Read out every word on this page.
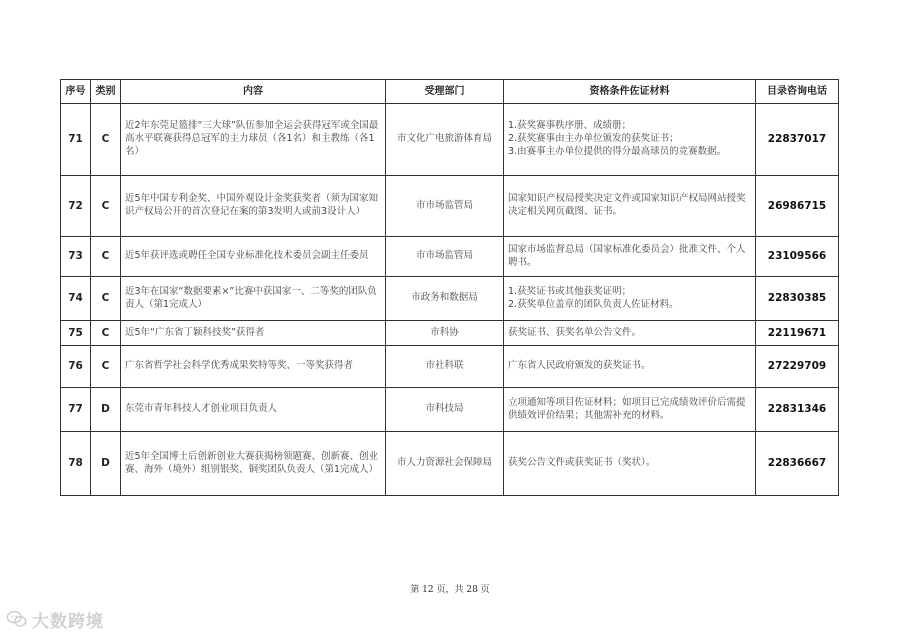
序号	类别	内容	受理部门	资格条件佐证材料	目录咨询电话
71	C	近2年东莞足篮排“三大球”队伍参加全运会获得冠军或全国最高水平联赛获得总冠军的主力球员（各1名）和主教练（各1名）	市文化广电旅游体育局	1.获奖赛事秩序册、成绩册；
2.获奖赛事由主办单位颁发的获奖证书；
3.由赛事主办单位提供的得分最高球员的竞赛数据。	22837017
72	C	近5年中国专利金奖、中国外观设计金奖获奖者（须为国家知识产权局公开的首次登记在案的第3发明人或前3设计人）	市市场监管局	国家知识产权局授奖决定文件或国家知识产权局网站授奖决定相关网页截图、证书。	26986715
73	C	近5年获评选或聘任全国专业标准化技术委员会副主任委员	市市场监管局	国家市场监督总局（国家标准化委员会）批准文件、个人聘书。	23109566
74	C	近3年在国家“数据要素×”比赛中获国家一、二等奖的团队负责人（第1完成人）	市政务和数据局	1.获奖证书或其他获奖证明；
2.获奖单位盖章的团队负责人佐证材料。	22830385
75	C	近5年“广东省丁颖科技奖”获得者	市科协	获奖证书、获奖名单公告文件。	22119671
76	C	广东省哲学社会科学优秀成果奖特等奖、一等奖获得者	市社科联	广东省人民政府颁发的获奖证书。	27229709
77	D	东莞市青年科技人才创业项目负责人	市科技局	立项通知等项目佐证材料；如项目已完成绩效评价后需提供绩效评价结果；其他需补充的材料。	22831346
78	D	近5年全国博士后创新创业大赛获揭榜领题赛、创新赛、创业赛、海外（境外）组别银奖、铜奖团队负责人（第1完成人）	市人力资源社会保障局	获奖公告文件或获奖证书（奖状）。	22836667
第 12 页，共 28 页
大数跨境
